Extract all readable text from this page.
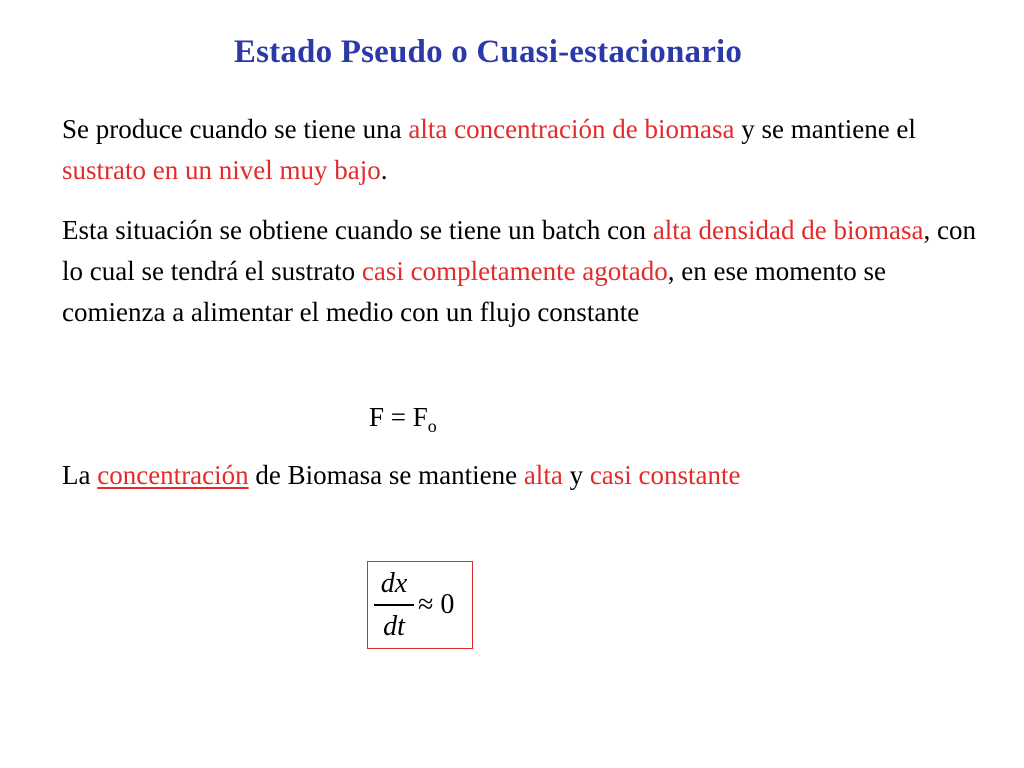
Estado Pseudo o Cuasi-estacionario

Se produce cuando se tiene una alta concentración de biomasa y se mantiene el sustrato en un nivel muy bajo.

Esta situación se obtiene cuando se tiene un batch con alta densidad de biomasa, con lo cual se tendrá el sustrato casi completamente agotado, en ese momento se comienza a alimentar el medio con un flujo constante

$F = F_o$

La concentración de Biomasa se mantiene alta y casi constante

dx
dt
≈ 0
